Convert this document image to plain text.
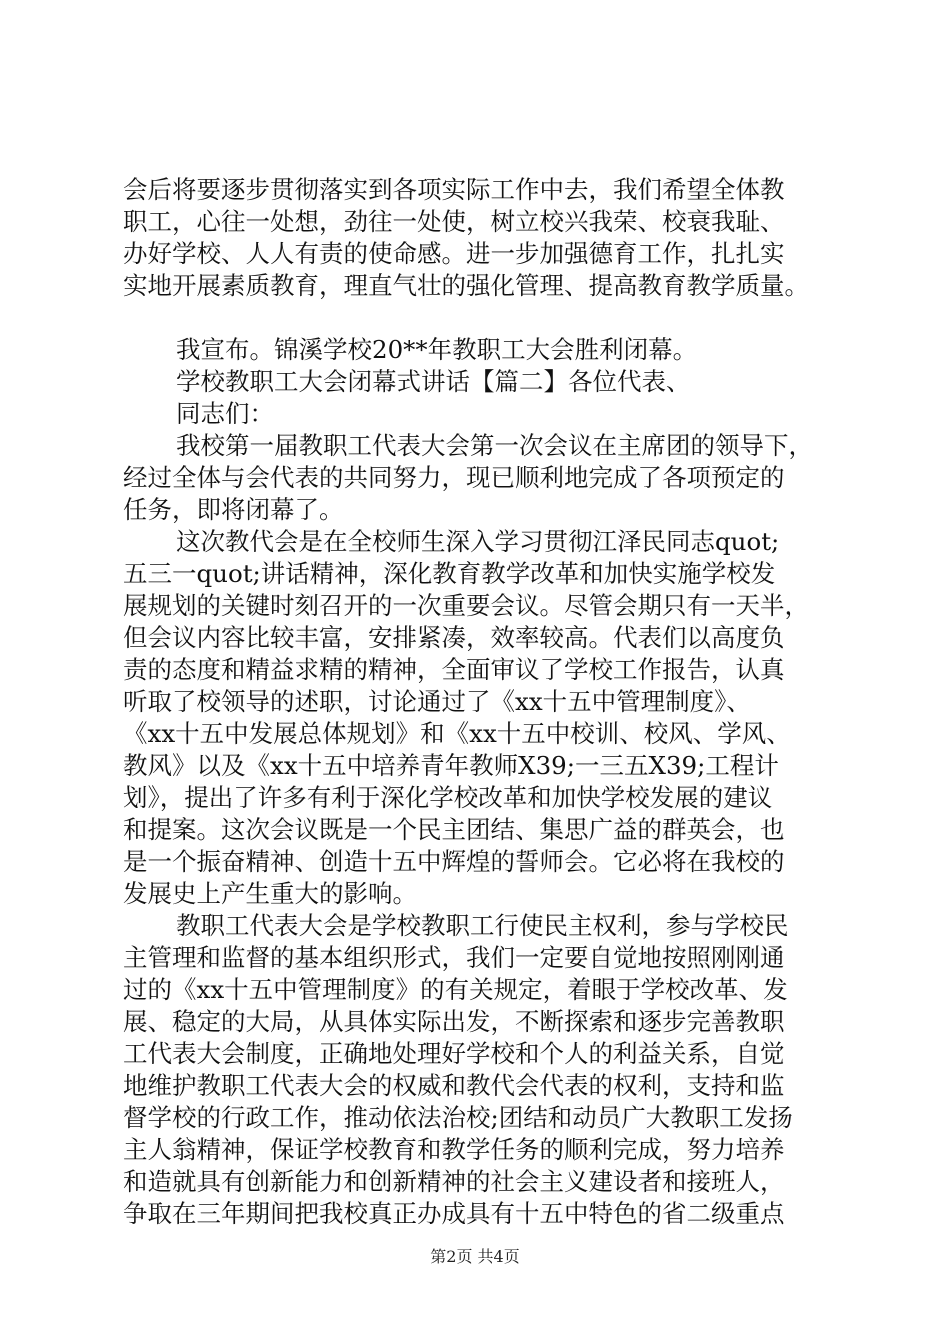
会后将要逐步贯彻落实到各项实际工作中去，我们希望全体教
职工，心往一处想，劲往一处使，树立校兴我荣、校衰我耻、
办好学校、人人有责的使命感。进一步加强德育工作，扎扎实
实地开展素质教育，理直气壮的强化管理、提高教育教学质量。
我宣布。锦溪学校20**年教职工大会胜利闭幕。
学校教职工大会闭幕式讲话【篇二】各位代表、
同志们：
我校第一届教职工代表大会第一次会议在主席团的领导下，
经过全体与会代表的共同努力，现已顺利地完成了各项预定的
任务，即将闭幕了。
这次教代会是在全校师生深入学习贯彻江泽民同志quot;
五三一quot;讲话精神，深化教育教学改革和加快实施学校发
展规划的关键时刻召开的一次重要会议。尽管会期只有一天半，
但会议内容比较丰富，安排紧凑，效率较高。代表们以高度负
责的态度和精益求精的精神，全面审议了学校工作报告，认真
听取了校领导的述职，讨论通过了《xx十五中管理制度》、
《xx十五中发展总体规划》和《xx十五中校训、校风、学风、
教风》以及《xx十五中培养青年教师X39;一三五X39;工程计
划》，提出了许多有利于深化学校改革和加快学校发展的建议
和提案。这次会议既是一个民主团结、集思广益的群英会，也
是一个振奋精神、创造十五中辉煌的誓师会。它必将在我校的
发展史上产生重大的影响。
教职工代表大会是学校教职工行使民主权利，参与学校民
主管理和监督的基本组织形式，我们一定要自觉地按照刚刚通
过的《xx十五中管理制度》的有关规定，着眼于学校改革、发
展、稳定的大局，从具体实际出发，不断探索和逐步完善教职
工代表大会制度，正确地处理好学校和个人的利益关系，自觉
地维护教职工代表大会的权威和教代会代表的权利，支持和监
督学校的行政工作，推动依法治校;团结和动员广大教职工发扬
主人翁精神，保证学校教育和教学任务的顺利完成，努力培养
和造就具有创新能力和创新精神的社会主义建设者和接班人，
争取在三年期间把我校真正办成具有十五中特色的省二级重点
第2页 共4页
